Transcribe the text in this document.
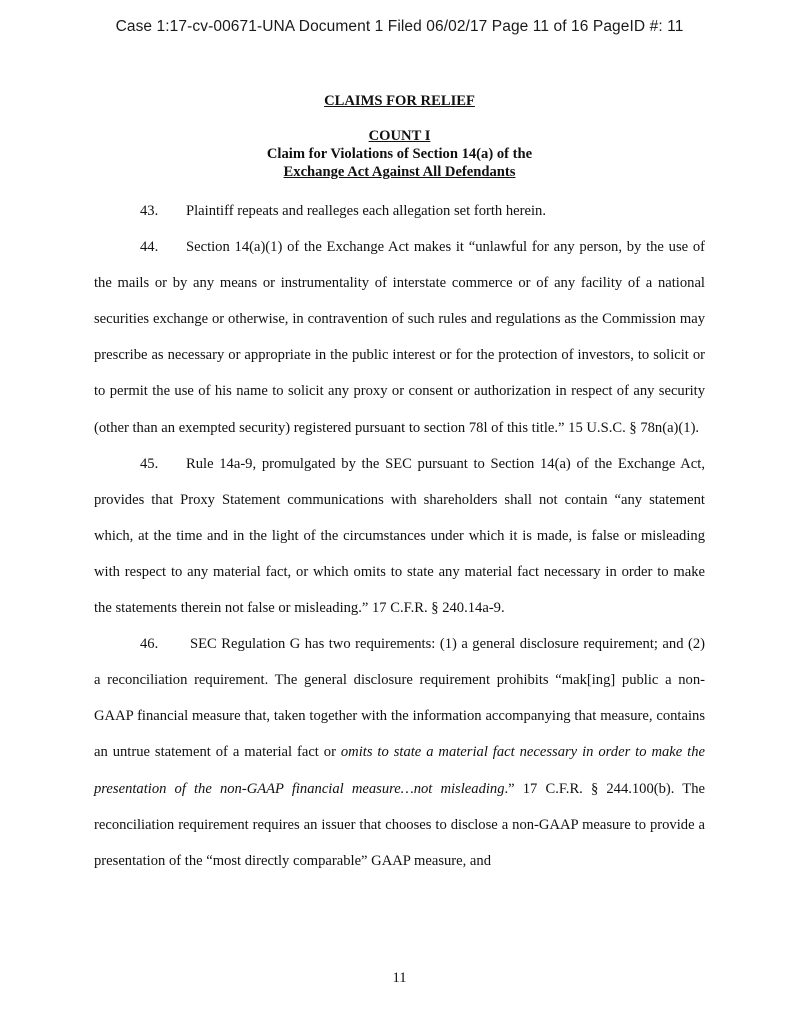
Case 1:17-cv-00671-UNA Document 1 Filed 06/02/17 Page 11 of 16 PageID #: 11

CLAIMS FOR RELIEF

COUNT I
Claim for Violations of Section 14(a) of the
Exchange Act Against All Defendants

43. Plaintiff repeats and realleges each allegation set forth herein.

44. Section 14(a)(1) of the Exchange Act makes it “unlawful for any person, by the use of the mails or by any means or instrumentality of interstate commerce or of any facility of a national securities exchange or otherwise, in contravention of such rules and regulations as the Commission may prescribe as necessary or appropriate in the public interest or for the protection of investors, to solicit or to permit the use of his name to solicit any proxy or consent or authorization in respect of any security (other than an exempted security) registered pursuant to section 78l of this title.” 15 U.S.C. § 78n(a)(1).

45. Rule 14a-9, promulgated by the SEC pursuant to Section 14(a) of the Exchange Act, provides that Proxy Statement communications with shareholders shall not contain “any statement which, at the time and in the light of the circumstances under which it is made, is false or misleading with respect to any material fact, or which omits to state any material fact necessary in order to make the statements therein not false or misleading.” 17 C.F.R. § 240.14a-9.

46. SEC Regulation G has two requirements: (1) a general disclosure requirement; and (2) a reconciliation requirement. The general disclosure requirement prohibits “mak[ing] public a non-GAAP financial measure that, taken together with the information accompanying that measure, contains an untrue statement of a material fact or omits to state a material fact necessary in order to make the presentation of the non-GAAP financial measure…not misleading.” 17 C.F.R. § 244.100(b). The reconciliation requirement requires an issuer that chooses to disclose a non-GAAP measure to provide a presentation of the “most directly comparable” GAAP measure, and

11
